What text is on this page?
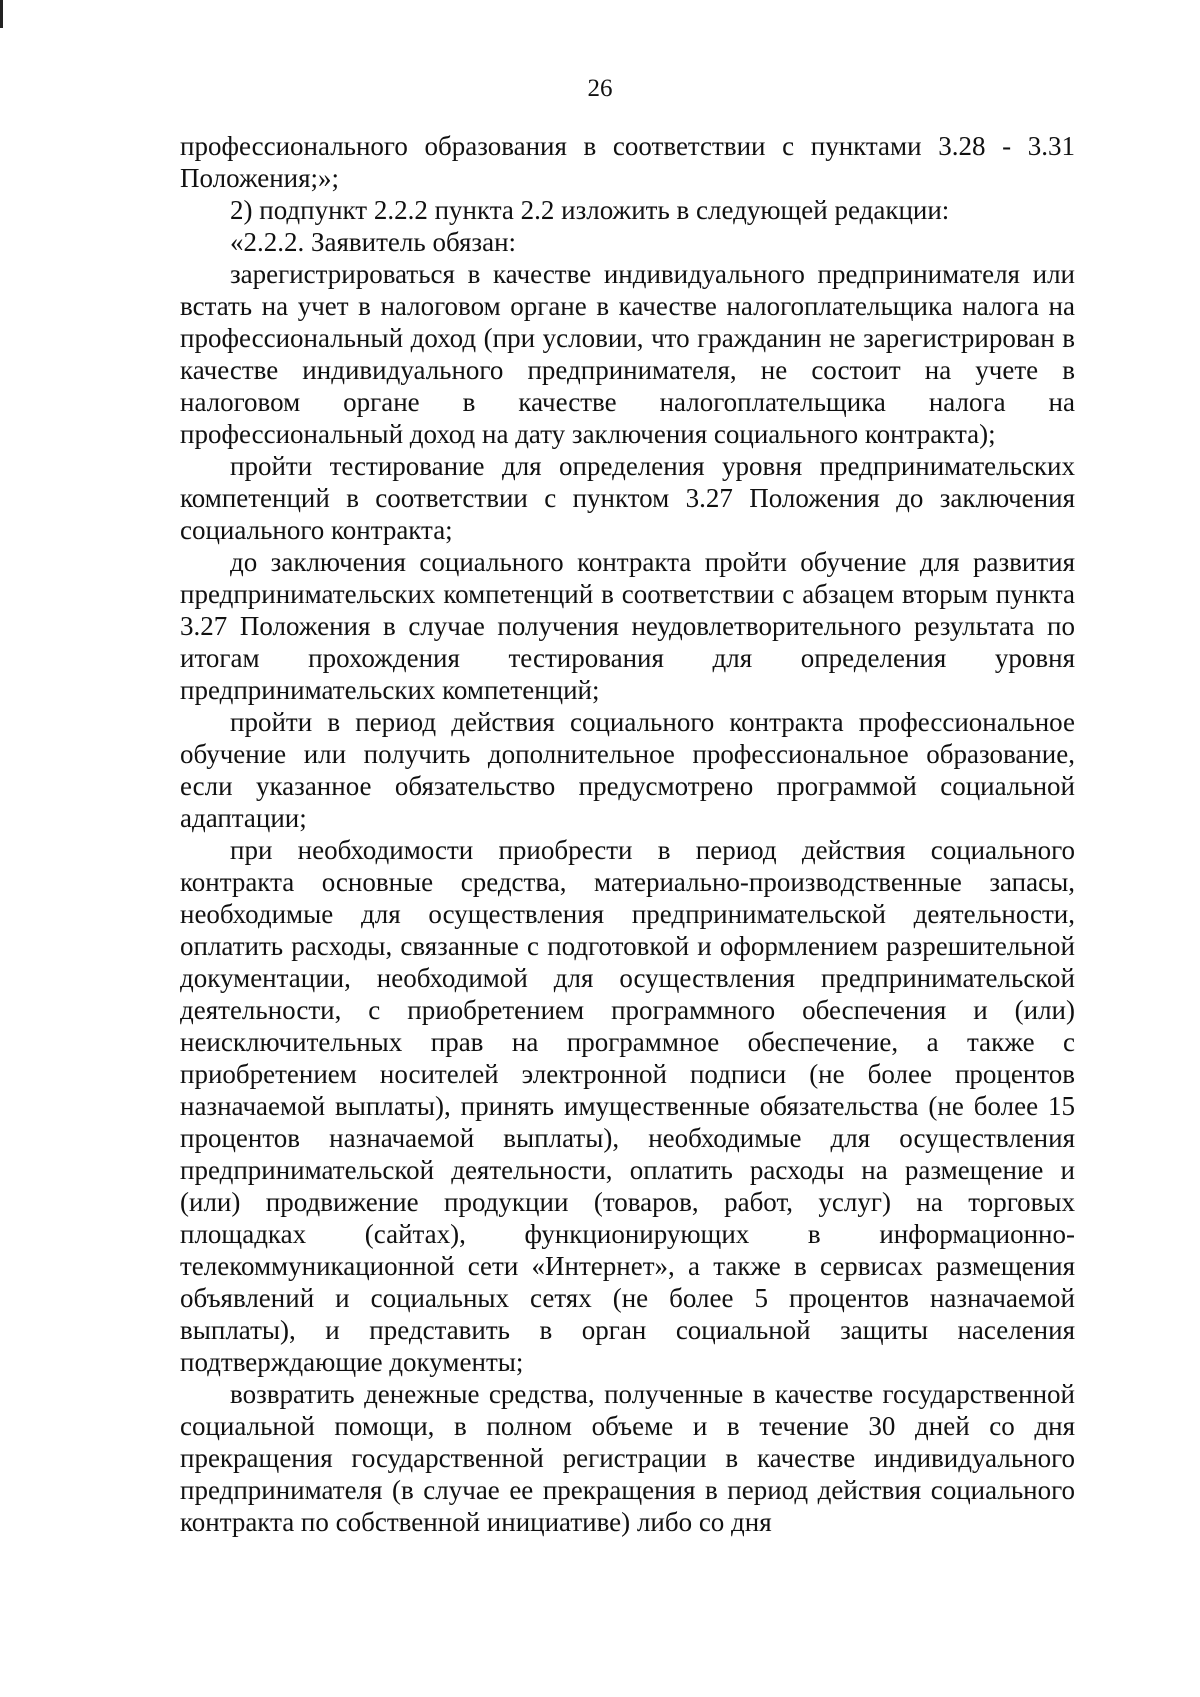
26

профессионального образования в соответствии с пунктами 3.28 - 3.31 Положения;»;

2) подпункт 2.2.2 пункта 2.2 изложить в следующей редакции:

«2.2.2. Заявитель обязан:

зарегистрироваться в качестве индивидуального предпринимателя или встать на учет в налоговом органе в качестве налогоплательщика налога на профессиональный доход (при условии, что гражданин не зарегистрирован в качестве индивидуального предпринимателя, не состоит на учете в налоговом органе в качестве налогоплательщика налога на профессиональный доход на дату заключения социального контракта);

пройти тестирование для определения уровня предпринимательских компетенций в соответствии с пунктом 3.27 Положения до заключения социального контракта;

до заключения социального контракта пройти обучение для развития предпринимательских компетенций в соответствии с абзацем вторым пункта 3.27 Положения в случае получения неудовлетворительного результата по итогам прохождения тестирования для определения уровня предпринимательских компетенций;

пройти в период действия социального контракта профессиональное обучение или получить дополнительное профессиональное образование, если указанное обязательство предусмотрено программой социальной адаптации;

при необходимости приобрести в период действия социального контракта основные средства, материально-производственные запасы, необходимые для осуществления предпринимательской деятельности, оплатить расходы, связанные с подготовкой и оформлением разрешительной документации, необходимой для осуществления предпринимательской деятельности, с приобретением программного обеспечения и (или) неисключительных прав на программное обеспечение, а также с приобретением носителей электронной подписи (не более процентов назначаемой выплаты), принять имущественные обязательства (не более 15 процентов назначаемой выплаты), необходимые для осуществления предпринимательской деятельности, оплатить расходы на размещение и (или) продвижение продукции (товаров, работ, услуг) на торговых площадках (сайтах), функционирующих в информационно-телекоммуникационной сети «Интернет», а также в сервисах размещения объявлений и социальных сетях (не более 5 процентов назначаемой выплаты), и представить в орган социальной защиты населения подтверждающие документы;

возвратить денежные средства, полученные в качестве государственной социальной помощи, в полном объеме и в течение 30 дней со дня прекращения государственной регистрации в качестве индивидуального предпринимателя (в случае ее прекращения в период действия социального контракта по собственной инициативе) либо со дня
